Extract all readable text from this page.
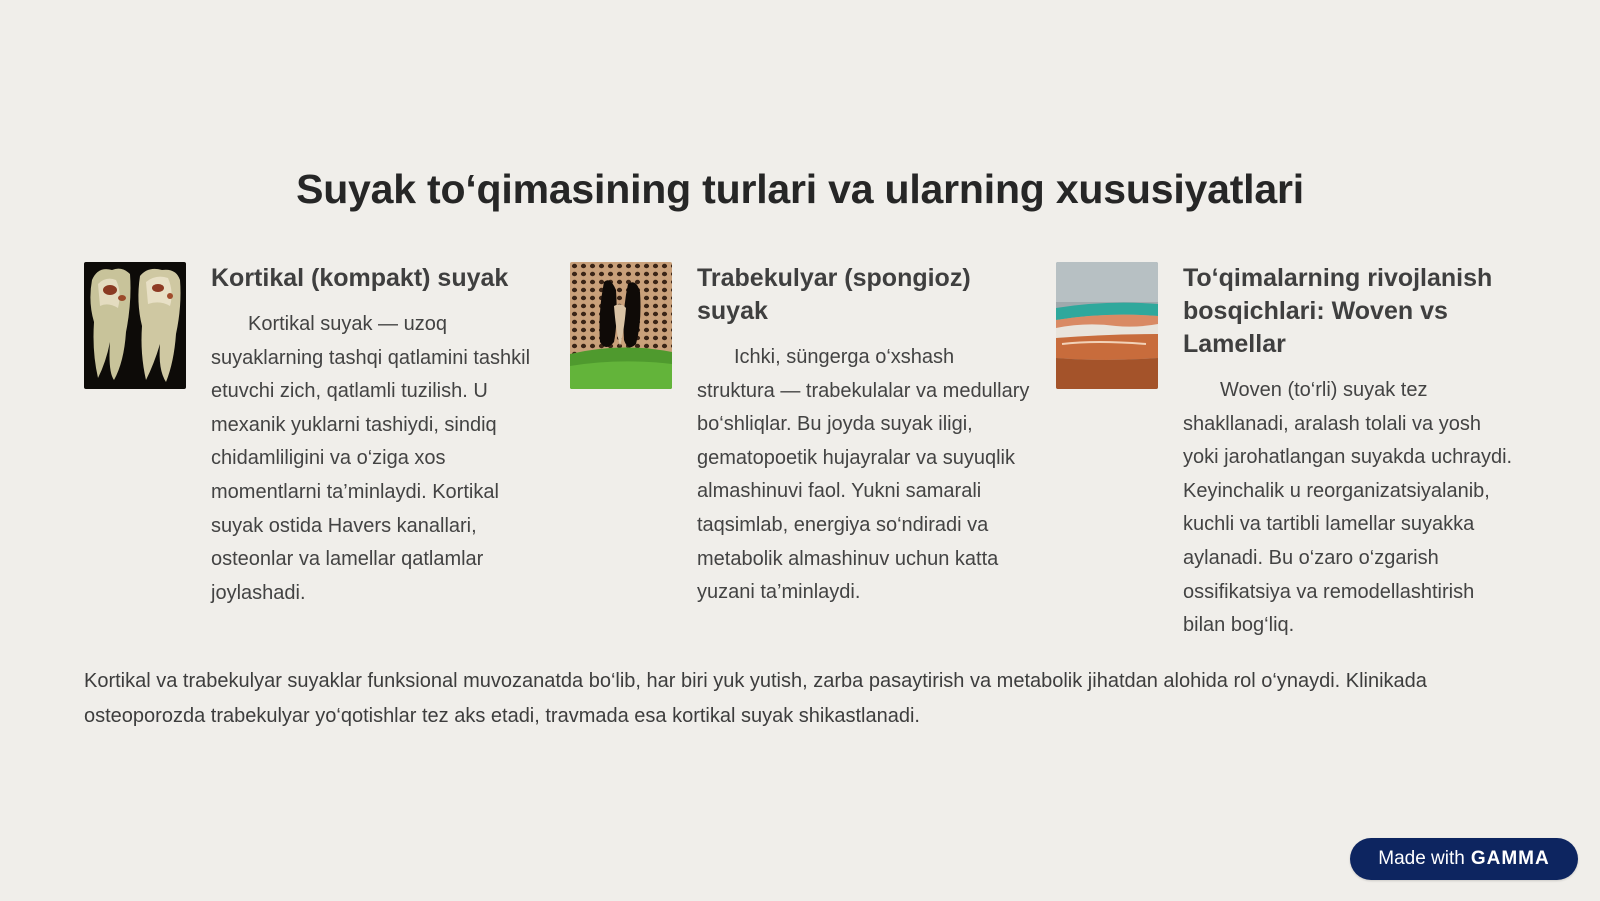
Suyak to‘qimasining turlari va ularning xususiyatlari
Kortikal (kompakt) suyak

Kortikal suyak — uzoq suyaklarning tashqi qatlamini tashkil etuvchi zich, qatlamli tuzilish. U mexanik yuklarni tashiydi, sindiq chidamliligini va o‘ziga xos momentlarni ta’minlaydi. Kortikal suyak ostida Havers kanallari, osteonlar va lamellar qatlamlar joylashadi.

Trabekulyar (spongioz) suyak

Ichki, süngerga o‘xshash struktura — trabekulalar va medullary bo‘shliqlar. Bu joyda suyak iligi, gematopoetik hujayralar va suyuqlik almashinuvi faol. Yukni samarali taqsimlab, energiya so‘ndiradi va metabolik almashinuv uchun katta yuzani ta’minlaydi.

To‘qimalarning rivojlanish bosqichlari: Woven vs Lamellar

Woven (to‘rli) suyak tez shakllanadi, aralash tolali va yosh yoki jarohatlangan suyakda uchraydi. Keyinchalik u reorganizatsiyalanib, kuchli va tartibli lamellar suyakka aylanadi. Bu o‘zaro o‘zgarish ossifikatsiya va remodellashtirish bilan bog‘liq.

Kortikal va trabekulyar suyaklar funksional muvozanatda bo‘lib, har biri yuk yutish, zarba pasaytirish va metabolik jihatdan alohida rol o‘ynaydi. Klinikada osteoporozda trabekulyar yo‘qotishlar tez aks etadi, travmada esa kortikal suyak shikastlanadi.

Made with GAMMA
